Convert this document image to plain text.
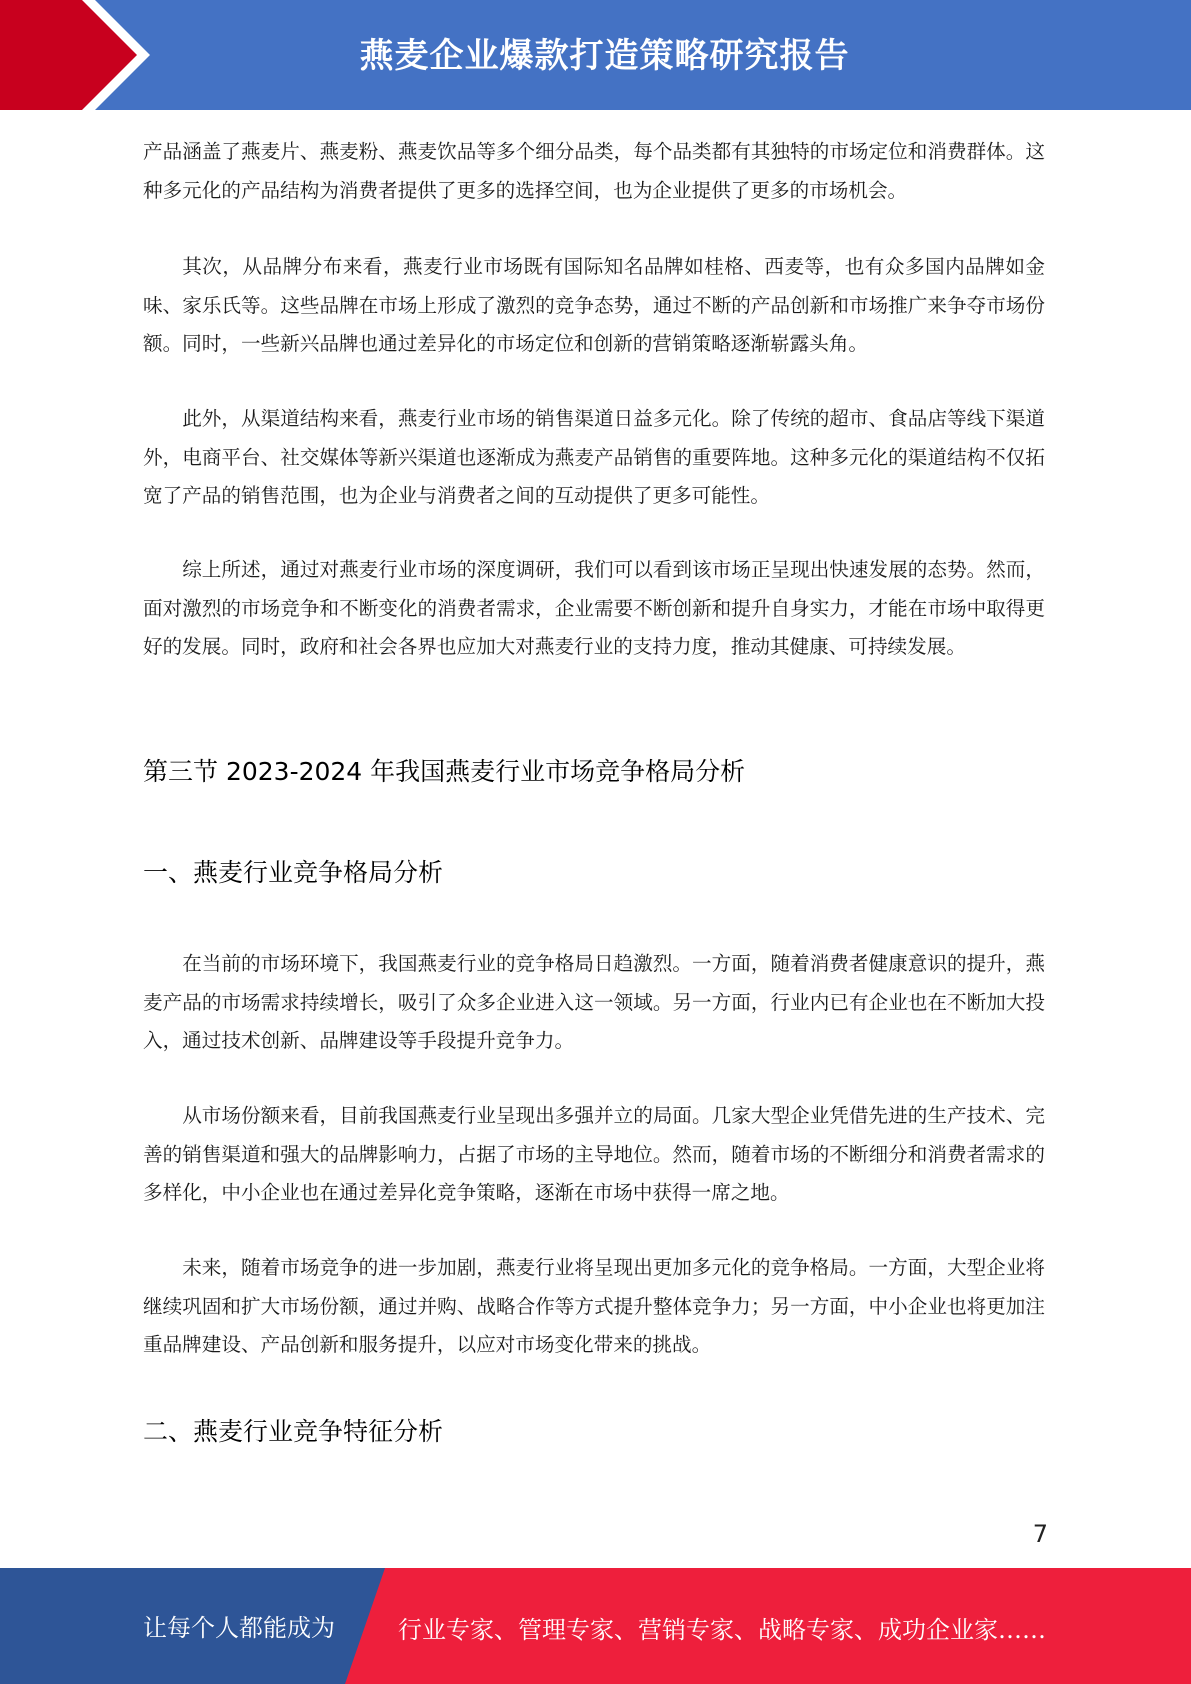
燕麦企业爆款打造策略研究报告

产品涵盖了燕麦片、燕麦粉、燕麦饮品等多个细分品类，每个品类都有其独特的市场定位和消费群体。这种多元化的产品结构为消费者提供了更多的选择空间，也为企业提供了更多的市场机会。

其次，从品牌分布来看，燕麦行业市场既有国际知名品牌如桂格、西麦等，也有众多国内品牌如金味、家乐氏等。这些品牌在市场上形成了激烈的竞争态势，通过不断的产品创新和市场推广来争夺市场份额。同时，一些新兴品牌也通过差异化的市场定位和创新的营销策略逐渐崭露头角。

此外，从渠道结构来看，燕麦行业市场的销售渠道日益多元化。除了传统的超市、食品店等线下渠道外，电商平台、社交媒体等新兴渠道也逐渐成为燕麦产品销售的重要阵地。这种多元化的渠道结构不仅拓宽了产品的销售范围，也为企业与消费者之间的互动提供了更多可能性。

综上所述，通过对燕麦行业市场的深度调研，我们可以看到该市场正呈现出快速发展的态势。然而，面对激烈的市场竞争和不断变化的消费者需求，企业需要不断创新和提升自身实力，才能在市场中取得更好的发展。同时，政府和社会各界也应加大对燕麦行业的支持力度，推动其健康、可持续发展。

第三节 2023-2024 年我国燕麦行业市场竞争格局分析
一、燕麦行业竞争格局分析

在当前的市场环境下，我国燕麦行业的竞争格局日趋激烈。一方面，随着消费者健康意识的提升，燕麦产品的市场需求持续增长，吸引了众多企业进入这一领域。另一方面，行业内已有企业也在不断加大投入，通过技术创新、品牌建设等手段提升竞争力。

从市场份额来看，目前我国燕麦行业呈现出多强并立的局面。几家大型企业凭借先进的生产技术、完善的销售渠道和强大的品牌影响力，占据了市场的主导地位。然而，随着市场的不断细分和消费者需求的多样化，中小企业也在通过差异化竞争策略，逐渐在市场中获得一席之地。

未来，随着市场竞争的进一步加剧，燕麦行业将呈现出更加多元化的竞争格局。一方面，大型企业将继续巩固和扩大市场份额，通过并购、战略合作等方式提升整体竞争力；另一方面，中小企业也将更加注重品牌建设、产品创新和服务提升，以应对市场变化带来的挑战。

二、燕麦行业竞争特征分析
7
让每个人都能成为	行业专家、管理专家、营销专家、战略专家、成功企业家……
